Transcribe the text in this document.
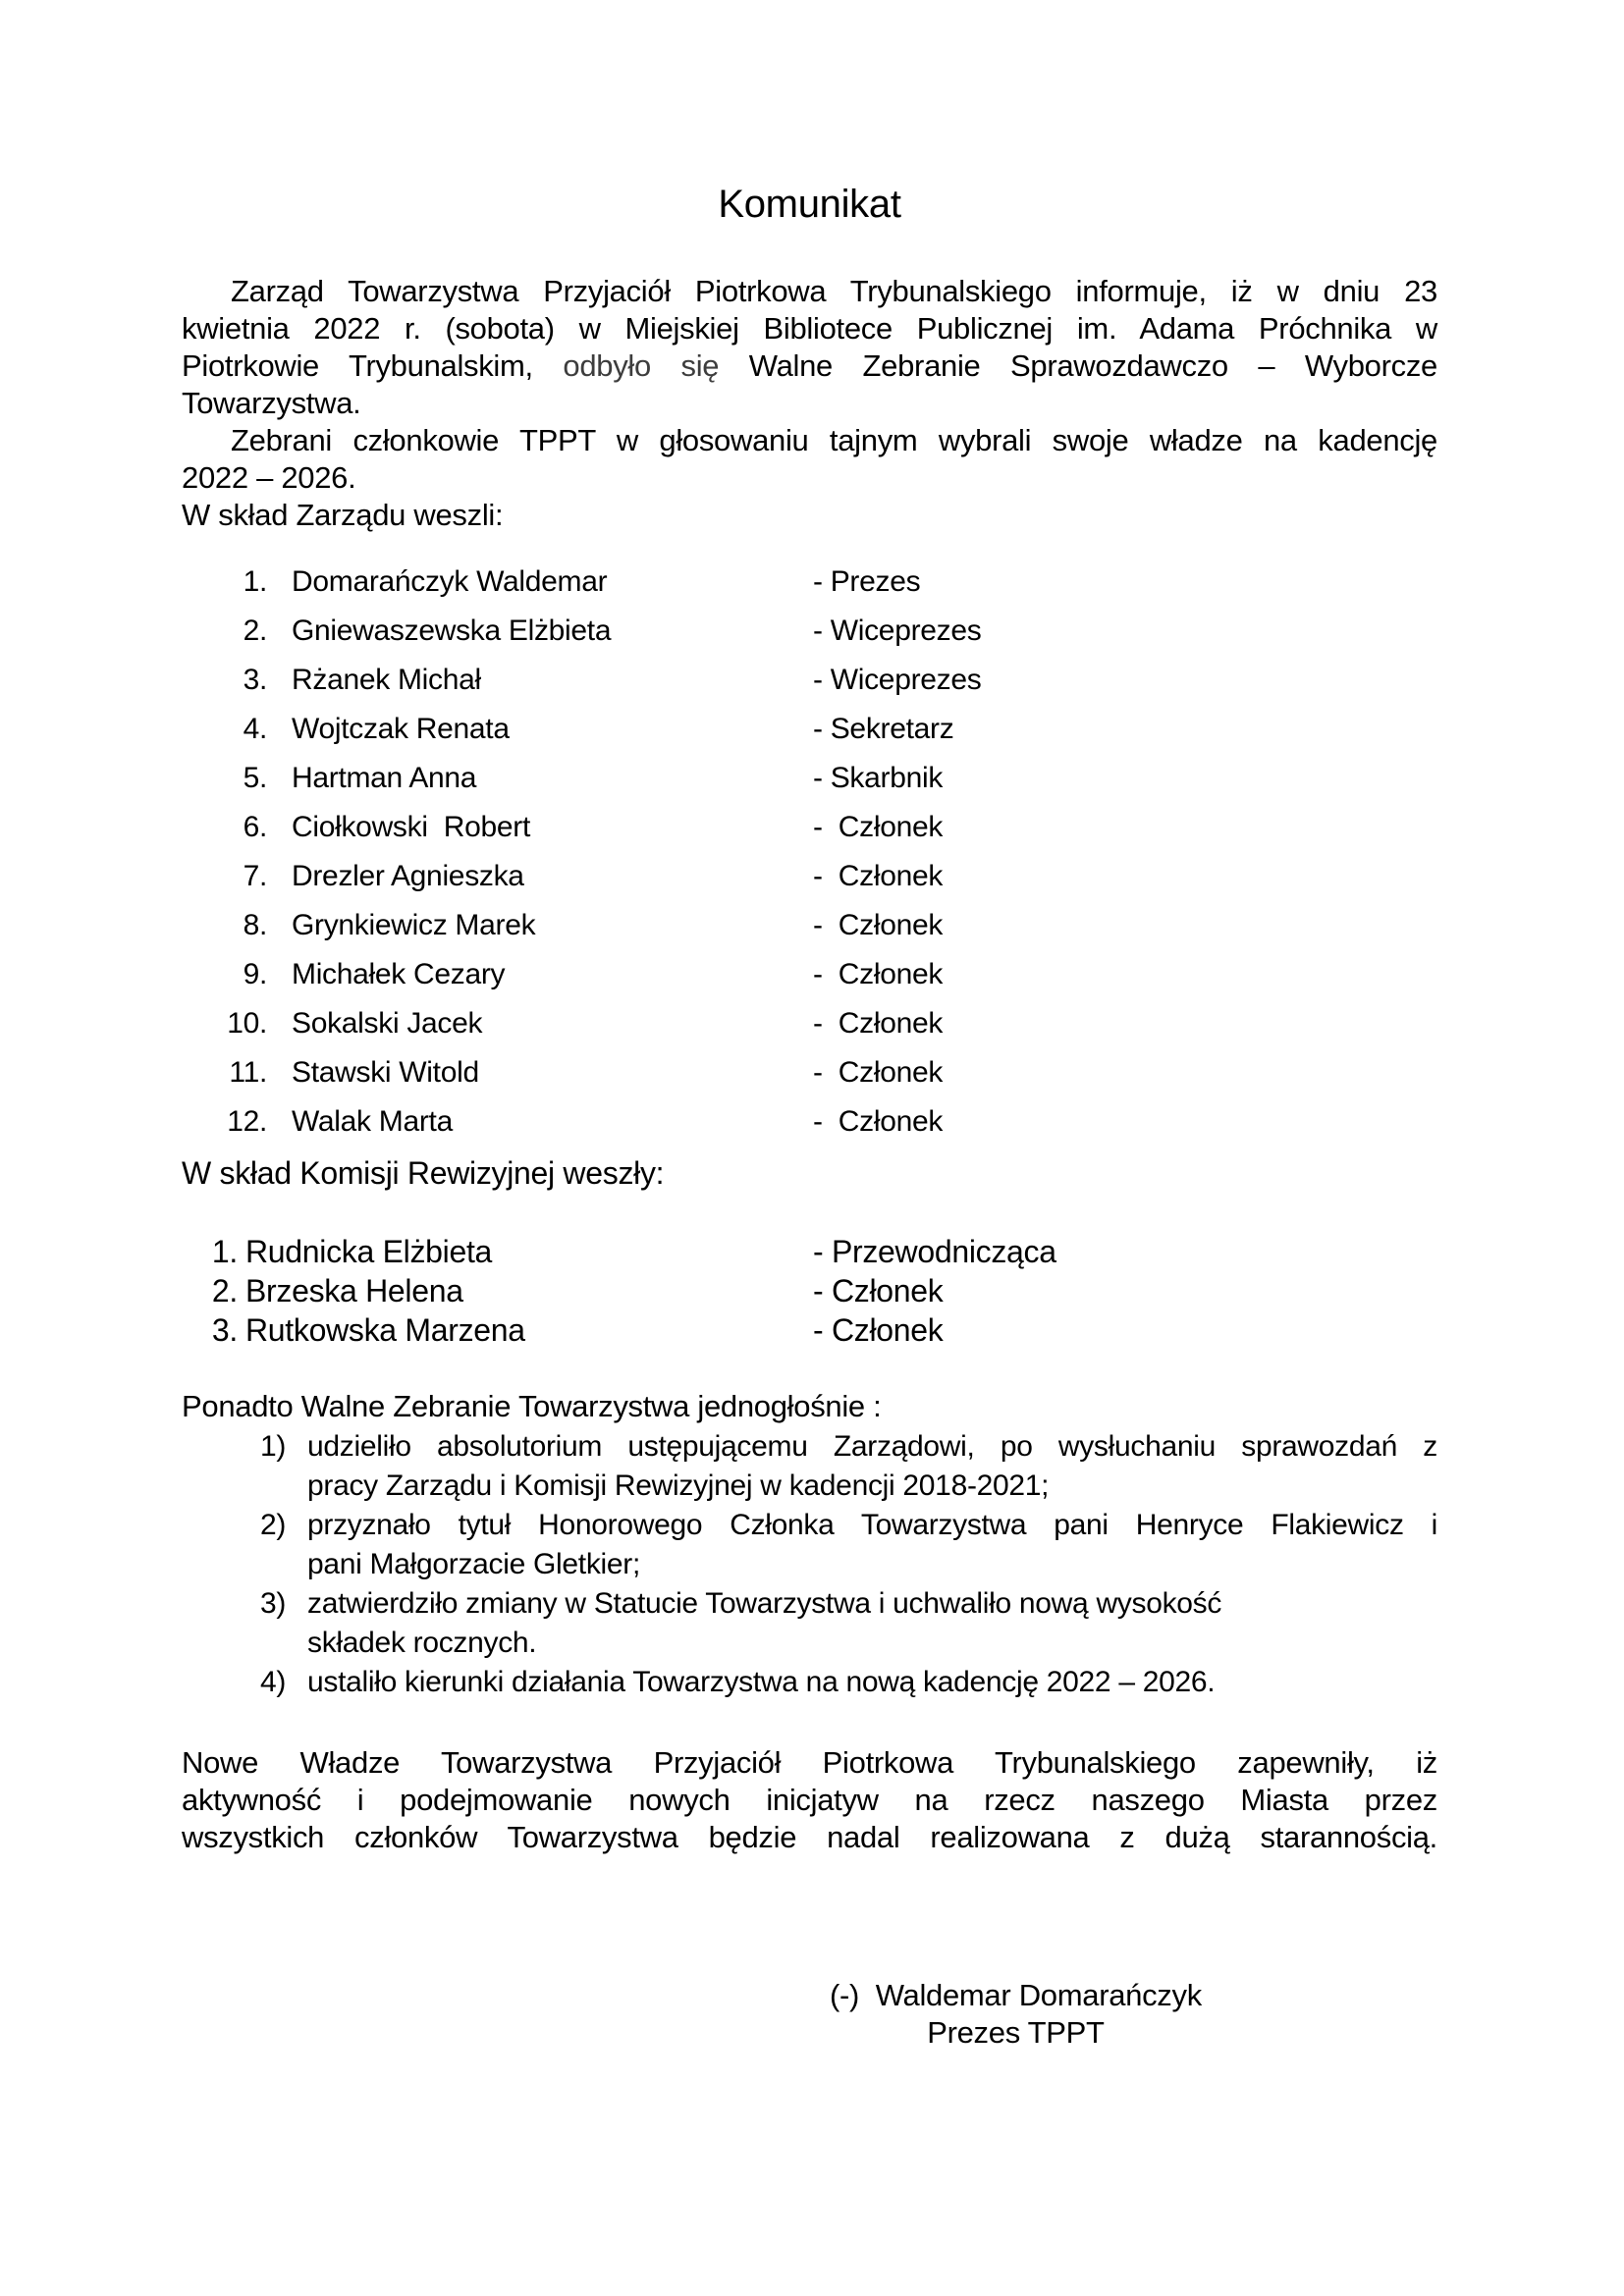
Komunikat
Zarząd Towarzystwa Przyjaciół Piotrkowa Trybunalskiego informuje, iż w dniu 23
kwietnia 2022 r. (sobota) w Miejskiej Bibliotece Publicznej im. Adama Próchnika w
Piotrkowie Trybunalskim, odbyło się Walne Zebranie Sprawozdawczo – Wyborcze
Towarzystwa.
Zebrani członkowie TPPT w głosowaniu tajnym wybrali swoje władze na kadencję
2022 – 2026.
W skład Zarządu weszli:
1. Domarańczyk Waldemar	- Prezes
2. Gniewaszewska Elżbieta	- Wiceprezes
3. Rżanek Michał	- Wiceprezes
4. Wojtczak Renata	- Sekretarz
5. Hartman Anna	- Skarbnik
6. Ciołkowski  Robert	-  Członek
7. Drezler Agnieszka	-  Członek
8. Grynkiewicz Marek	-  Członek
9. Michałek Cezary	-  Członek
10. Sokalski Jacek	-  Członek
11. Stawski Witold	-  Członek
12. Walak Marta	-  Członek
W skład Komisji Rewizyjnej weszły:
1. Rudnicka Elżbieta	- Przewodnicząca
2. Brzeska Helena	- Członek
3. Rutkowska Marzena	- Członek
Ponadto Walne Zebranie Towarzystwa jednogłośnie :
1) udzieliło absolutorium ustępującemu Zarządowi, po wysłuchaniu sprawozdań z
pracy Zarządu i Komisji Rewizyjnej w kadencji 2018-2021;
2) przyznało tytuł Honorowego Członka Towarzystwa pani Henryce Flakiewicz i
pani Małgorzacie Gletkier;
3) zatwierdziło zmiany w Statucie Towarzystwa i uchwaliło nową wysokość
składek rocznych.
4) ustaliło kierunki działania Towarzystwa na nową kadencję 2022 – 2026.
Nowe Władze Towarzystwa Przyjaciół Piotrkowa Trybunalskiego zapewniły, iż
aktywność i podejmowanie nowych inicjatyw na rzecz naszego Miasta przez
wszystkich członków Towarzystwa będzie nadal realizowana z dużą starannością.
(-)  Waldemar Domarańczyk
Prezes TPPT
